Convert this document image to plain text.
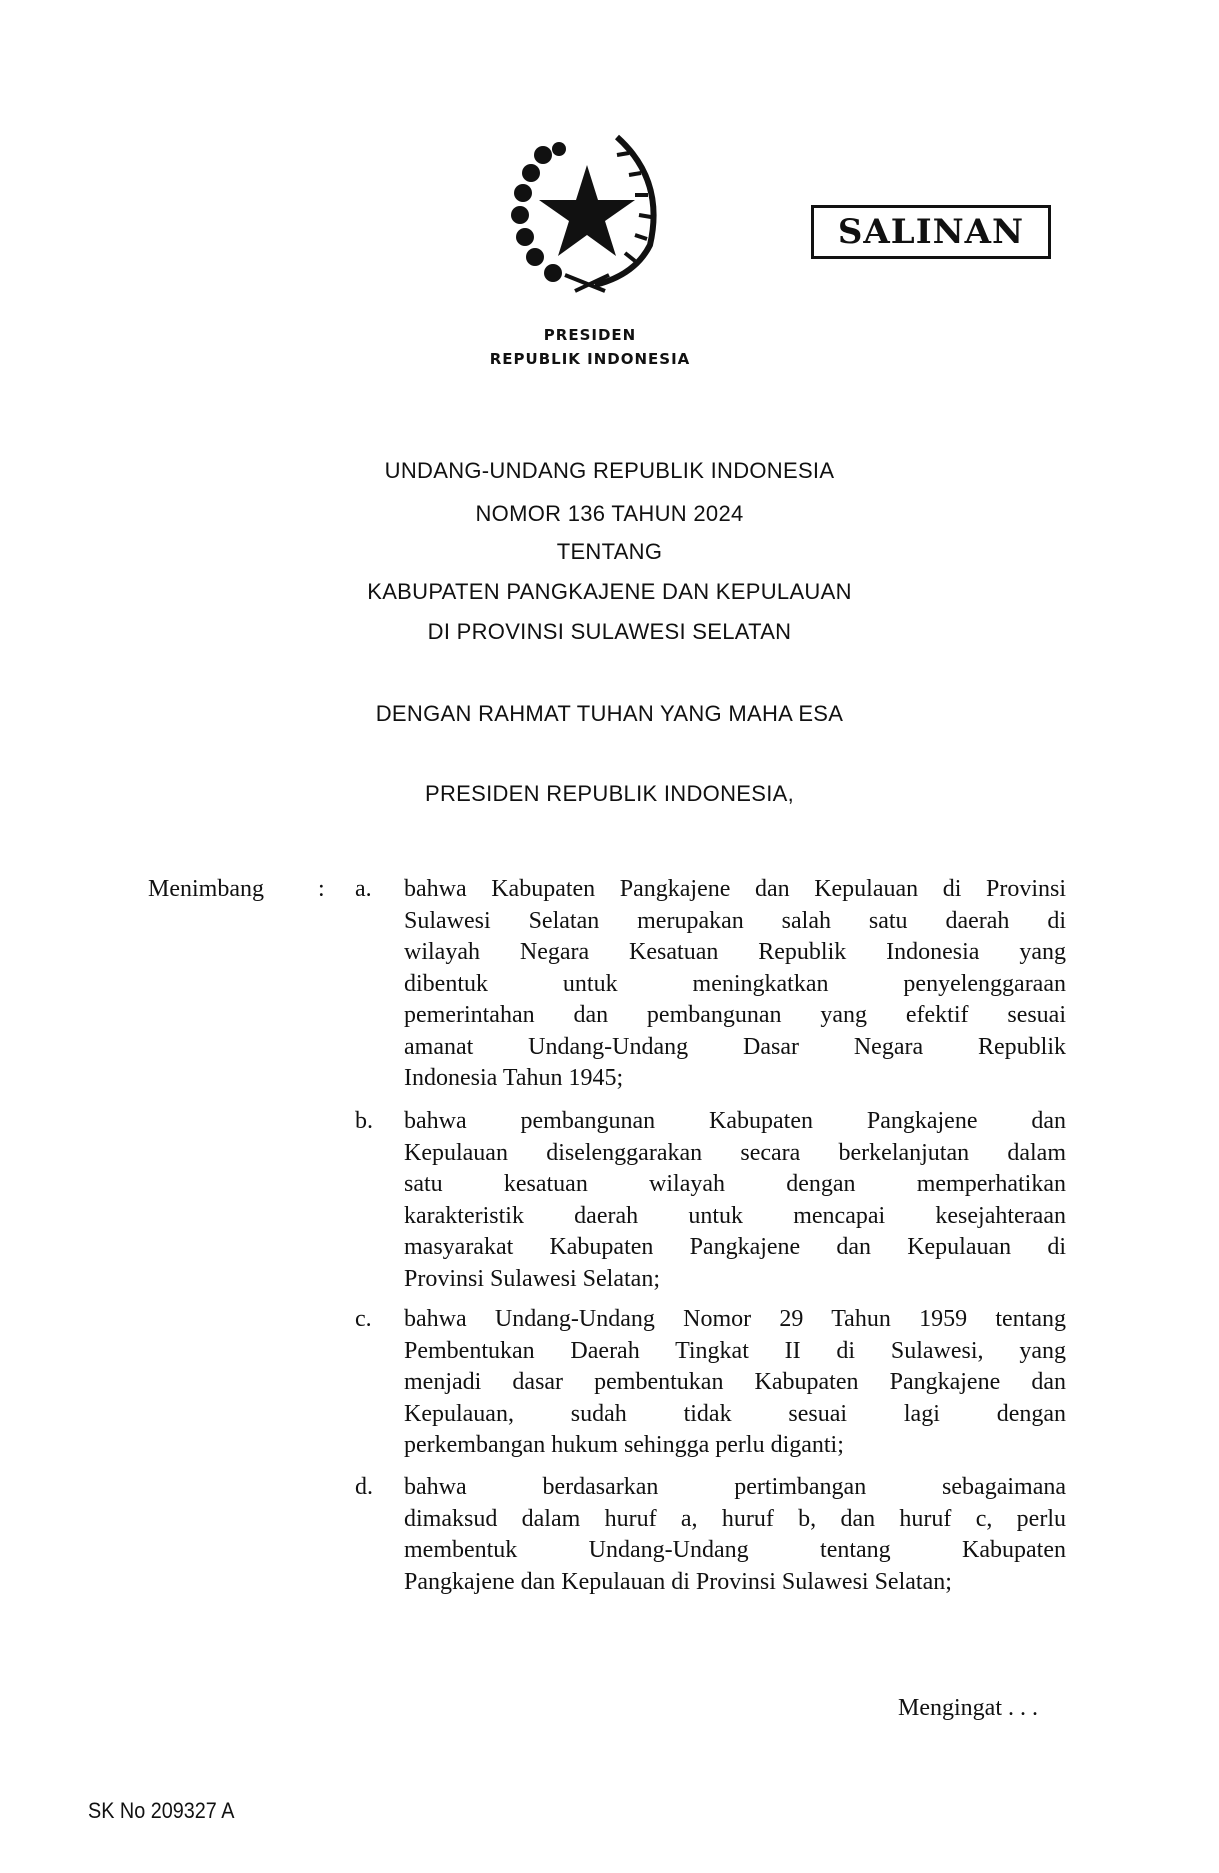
SALINAN
PRESIDEN
REPUBLIK INDONESIA
UNDANG-UNDANG REPUBLIK INDONESIA
NOMOR 136 TAHUN 2024
TENTANG
KABUPATEN PANGKAJENE DAN KEPULAUAN
DI PROVINSI SULAWESI SELATAN
DENGAN RAHMAT TUHAN YANG MAHA ESA
PRESIDEN REPUBLIK INDONESIA,
Menimbang : a.	bahwa Kabupaten Pangkajene dan Kepulauan di Provinsi
Sulawesi Selatan merupakan salah satu daerah di
wilayah Negara Kesatuan Republik Indonesia yang
dibentuk untuk meningkatkan penyelenggaraan
pemerintahan dan pembangunan yang efektif sesuai
amanat Undang-Undang Dasar Negara Republik
Indonesia Tahun 1945;
b.	bahwa pembangunan Kabupaten Pangkajene dan
Kepulauan diselenggarakan secara berkelanjutan dalam
satu kesatuan wilayah dengan memperhatikan
karakteristik daerah untuk mencapai kesejahteraan
masyarakat Kabupaten Pangkajene dan Kepulauan di
Provinsi Sulawesi Selatan;
c.	bahwa Undang-Undang Nomor 29 Tahun 1959 tentang
Pembentukan Daerah Tingkat II di Sulawesi, yang
menjadi dasar pembentukan Kabupaten Pangkajene dan
Kepulauan, sudah tidak sesuai lagi dengan
perkembangan hukum sehingga perlu diganti;
d.	bahwa berdasarkan pertimbangan sebagaimana
dimaksud dalam huruf a, huruf b, dan huruf c, perlu
membentuk Undang-Undang tentang Kabupaten
Pangkajene dan Kepulauan di Provinsi Sulawesi Selatan;
Mengingat . . .
SK No 209327 A
